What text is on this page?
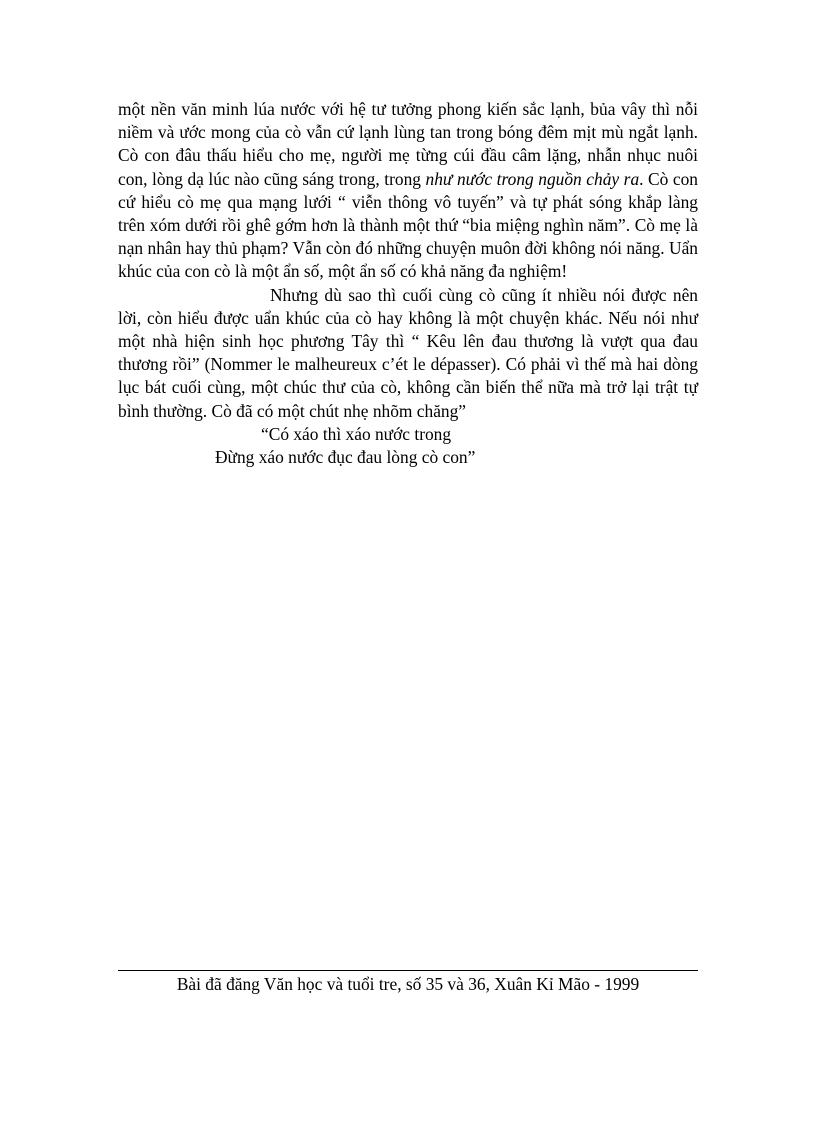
một nền văn minh lúa nước với hệ tư tưởng phong kiến sắc lạnh, bủa vây thì nỗi niềm và ước mong của cò vẫn cứ lạnh lùng tan trong bóng đêm mịt mù ngắt lạnh. Cò con đâu thấu hiểu cho mẹ, người mẹ từng cúi đầu câm lặng, nhẫn nhục nuôi con, lòng dạ lúc nào cũng sáng trong, trong như nước trong nguồn chảy ra. Cò con cứ hiểu cò mẹ qua mạng lưới “ viễn thông vô tuyến” và tự phát sóng khắp làng trên xóm dưới rồi ghê gớm hơn là thành một thứ “bia miệng nghìn năm”. Cò mẹ là nạn nhân hay thủ phạm? Vẫn còn đó những chuyện muôn đời không nói năng. Uẩn khúc của con cò là một ẩn số, một ẩn số có khả năng đa nghiệm!

Nhưng dù sao thì cuối cùng cò cũng ít nhiều nói được nên lời, còn hiểu được uẩn khúc của cò hay không là một chuyện khác. Nếu nói như một nhà hiện sinh học phương Tây thì “ Kêu lên đau thương là vượt qua đau thương rồi” (Nommer le malheureux c’ét le dépasser). Có phải vì thế mà hai dòng lục bát cuối cùng, một chúc thư của cò, không cần biến thể nữa mà trở lại trật tự bình thường. Cò đã có một chút nhẹ nhõm chăng”

“Có xáo thì xáo nước trong

Đừng xáo nước đục đau lòng cò con”

Bài đã đăng Văn học và tuổi tre, số 35 và 36, Xuân Kỉ Mão - 1999
